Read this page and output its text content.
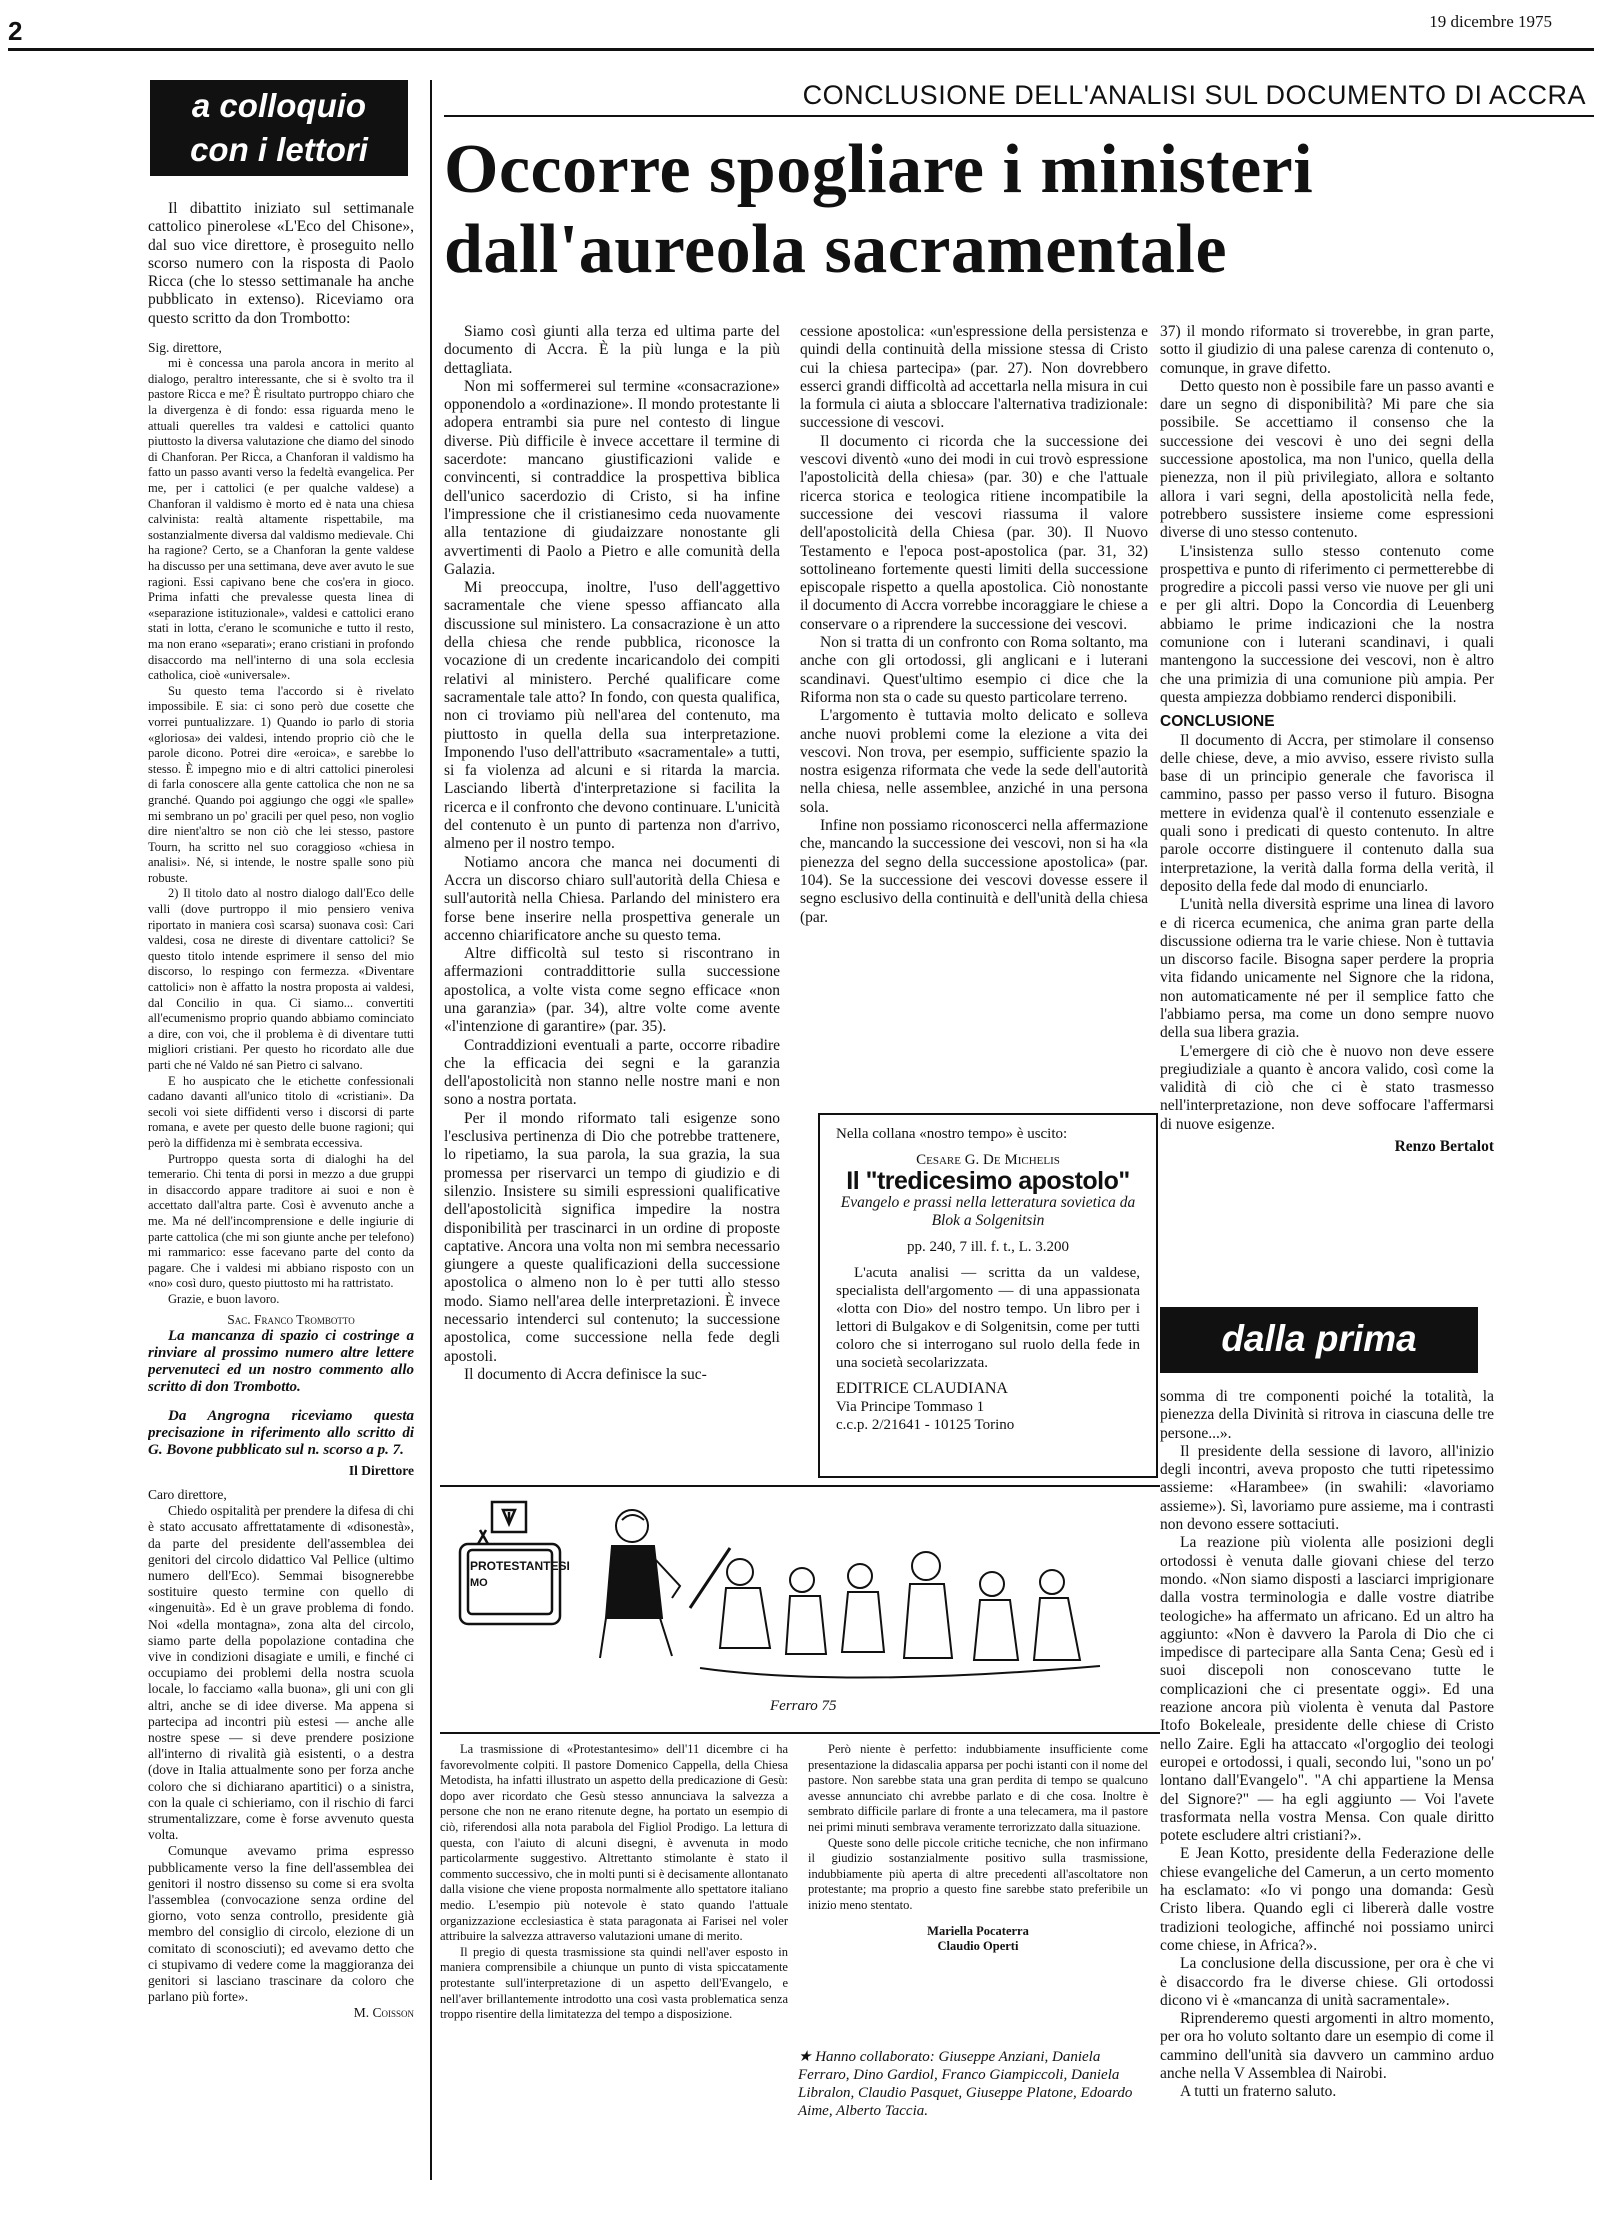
2	19 dicembre 1975
a colloquio
con i lettori

Il dibattito iniziato sul settimanale cattolico pinerolese «L'Eco del Chisone», dal suo vice direttore, è proseguito nello scorso numero con la risposta di Paolo Ricca (che lo stesso settimanale ha anche pubblicato in extenso). Riceviamo ora questo scritto da don Trombotto:

Sig. direttore,

mi è concessa una parola ancora in merito al dialogo, peraltro interessante, che si è svolto tra il pastore Ricca e me? È risultato purtroppo chiaro che la divergenza è di fondo: essa riguarda meno le attuali querelles tra valdesi e cattolici quanto piuttosto la diversa valutazione che diamo del sinodo di Chanforan. Per Ricca, a Chanforan il valdismo ha fatto un passo avanti verso la fedeltà evangelica. Per me, per i cattolici (e per qualche valdese) a Chanforan il valdismo è morto ed è nata una chiesa calvinista: realtà altamente rispettabile, ma sostanzialmente diversa dal valdismo medievale. Chi ha ragione? Certo, se a Chanforan la gente valdese ha discusso per una settimana, deve aver avuto le sue ragioni. Essi capivano bene che cos'era in gioco. Prima infatti che prevalesse questa linea di «separazione istituzionale», valdesi e cattolici erano stati in lotta, c'erano le scomuniche e tutto il resto, ma non erano «separati»; erano cristiani in profondo disaccordo ma nell'interno di una sola ecclesia catholica, cioè «universale».

Su questo tema l'accordo si è rivelato impossibile. E sia: ci sono però due cosette che vorrei puntualizzare. 1) Quando io parlo di storia «gloriosa» dei valdesi, intendo proprio ciò che le parole dicono. Potrei dire «eroica», e sarebbe lo stesso. È impegno mio e di altri cattolici pinerolesi di farla conoscere alla gente cattolica che non ne sa granché. Quando poi aggiungo che oggi «le spalle» mi sembrano un po' gracili per quel peso, non voglio dire nient'altro se non ciò che lei stesso, pastore Tourn, ha scritto nel suo coraggioso «chiesa in analisi». Né, si intende, le nostre spalle sono più robuste.

2) Il titolo dato al nostro dialogo dall'Eco delle valli (dove purtroppo il mio pensiero veniva riportato in maniera così scarsa) suonava così: Cari valdesi, cosa ne direste di diventare cattolici? Se questo titolo intende esprimere il senso del mio discorso, lo respingo con fermezza. «Diventare cattolici» non è affatto la nostra proposta ai valdesi, dal Concilio in qua. Ci siamo... convertiti all'ecumenismo proprio quando abbiamo cominciato a dire, con voi, che il problema è di diventare tutti migliori cristiani. Per questo ho ricordato alle due parti che né Valdo né san Pietro ci salvano.

E ho auspicato che le etichette confessionali cadano davanti all'unico titolo di «cristiani». Da secoli voi siete diffidenti verso i discorsi di parte romana, e avete per questo delle buone ragioni; qui però la diffidenza mi è sembrata eccessiva.

Purtroppo questa sorta di dialoghi ha del temerario. Chi tenta di porsi in mezzo a due gruppi in disaccordo appare traditore ai suoi e non è accettato dall'altra parte. Così è avvenuto anche a me. Ma né dell'incomprensione e delle ingiurie di parte cattolica (che mi son giunte anche per telefono) mi rammarico: esse facevano parte del conto da pagare. Che i valdesi mi abbiano risposto con un «no» così duro, questo piuttosto mi ha rattristato.

Grazie, e buon lavoro.

Sac. Franco Trombotto

La mancanza di spazio ci costringe a rinviare al prossimo numero altre lettere pervenuteci ed un nostro commento allo scritto di don Trombotto.

Da Angrogna riceviamo questa precisazione in riferimento allo scritto di G. Bovone pubblicato sul n. scorso a p. 7.

Il Direttore

Caro direttore,

Chiedo ospitalità per prendere la difesa di chi è stato accusato affrettatamente di «disonestà», da parte del presidente dell'assemblea dei genitori del circolo didattico Val Pellice (ultimo numero dell'Eco). Semmai bisognerebbe sostituire questo termine con quello di «ingenuità». Ed è un grave problema di fondo. Noi «della montagna», zona alta del circolo, siamo parte della popolazione contadina che vive in condizioni disagiate e umili, e finché ci occupiamo dei problemi della nostra scuola locale, lo facciamo «alla buona», gli uni con gli altri, anche se di idee diverse. Ma appena si partecipa ad incontri più estesi — anche alle nostre spese — si deve prendere posizione all'interno di rivalità già esistenti, o a destra (dove in Italia attualmente sono per forza anche coloro che si dichiarano apartitici) o a sinistra, con la quale ci schieriamo, con il rischio di farci strumentalizzare, come è forse avvenuto questa volta.

Comunque avevamo prima espresso pubblicamente verso la fine dell'assemblea dei genitori il nostro dissenso su come si era svolta l'assemblea (convocazione senza ordine del giorno, voto senza controllo, presidente già membro del consiglio di circolo, elezione di un comitato di sconosciuti); ed avevamo detto che ci stupivamo di vedere come la maggioranza dei genitori si lasciano trascinare da coloro che parlano più forte».

M. Coisson

CONCLUSIONE DELL'ANALISI SUL DOCUMENTO DI ACCRA
Occorre spogliare i ministeri
dall'aureola sacramentale

Siamo così giunti alla terza ed ultima parte del documento di Accra. È la più lunga e la più dettagliata.

Non mi soffermerei sul termine «consacrazione» opponendolo a «ordinazione». Il mondo protestante li adopera entrambi sia pure nel contesto di lingue diverse. Più difficile è invece accettare il termine di sacerdote: mancano giustificazioni valide e convincenti, si contraddice la prospettiva biblica dell'unico sacerdozio di Cristo, si ha infine l'impressione che il cristianesimo ceda nuovamente alla tentazione di giudaizzare nonostante gli avvertimenti di Paolo a Pietro e alle comunità della Galazia.

Mi preoccupa, inoltre, l'uso dell'aggettivo sacramentale che viene spesso affiancato alla discussione sul ministero. La consacrazione è un atto della chiesa che rende pubblica, riconosce la vocazione di un credente incaricandolo dei compiti relativi al ministero. Perché qualificare come sacramentale tale atto? In fondo, con questa qualifica, non ci troviamo più nell'area del contenuto, ma piuttosto in quella della sua interpretazione. Imponendo l'uso dell'attributo «sacramentale» a tutti, si fa violenza ad alcuni e si ritarda la marcia. Lasciando libertà d'interpretazione si facilita la ricerca e il confronto che devono continuare. L'unicità del contenuto è un punto di partenza non d'arrivo, almeno per il nostro tempo.

Notiamo ancora che manca nei documenti di Accra un discorso chiaro sull'autorità della Chiesa e sull'autorità nella Chiesa. Parlando del ministero era forse bene inserire nella prospettiva generale un accenno chiarificatore anche su questo tema.

Altre difficoltà sul testo si riscontrano in affermazioni contraddittorie sulla successione apostolica, a volte vista come segno efficace «non una garanzia» (par. 34), altre volte come avente «l'intenzione di garantire» (par. 35).

Contraddizioni eventuali a parte, occorre ribadire che la efficacia dei segni e la garanzia dell'apostolicità non stanno nelle nostre mani e non sono a nostra portata.

Per il mondo riformato tali esigenze sono l'esclusiva pertinenza di Dio che potrebbe trattenere, lo ripetiamo, la sua parola, la sua grazia, la sua promessa per riservarci un tempo di giudizio e di silenzio. Insistere su simili espressioni qualificative dell'apostolicità significa impedire la nostra disponibilità per trascinarci in un ordine di proposte captative. Ancora una volta non mi sembra necessario giungere a queste qualificazioni della successione apostolica o almeno non lo è per tutti allo stesso modo. Siamo nell'area delle interpretazioni. È invece necessario intenderci sul contenuto; la successione apostolica, come successione nella fede degli apostoli.

Il documento di Accra definisce la suc-

cessione apostolica: «un'espressione della persistenza e quindi della continuità della missione stessa di Cristo cui la chiesa partecipa» (par. 27). Non dovrebbero esserci grandi difficoltà ad accettarla nella misura in cui la formula ci aiuta a sbloccare l'alternativa tradizionale: successione di vescovi.

Il documento ci ricorda che la successione dei vescovi diventò «uno dei modi in cui trovò espressione l'apostolicità della chiesa» (par. 30) e che l'attuale ricerca storica e teologica ritiene incompatibile la successione dei vescovi riassuma il valore dell'apostolicità della Chiesa (par. 30). Il Nuovo Testamento e l'epoca post-apostolica (par. 31, 32) sottolineano fortemente questi limiti della successione episcopale rispetto a quella apostolica. Ciò nonostante il documento di Accra vorrebbe incoraggiare le chiese a conservare o a riprendere la successione dei vescovi.

Non si tratta di un confronto con Roma soltanto, ma anche con gli ortodossi, gli anglicani e i luterani scandinavi. Quest'ultimo esempio ci dice che la Riforma non sta o cade su questo particolare terreno.

L'argomento è tuttavia molto delicato e solleva anche nuovi problemi come la elezione a vita dei vescovi. Non trova, per esempio, sufficiente spazio la nostra esigenza riformata che vede la sede dell'autorità nella chiesa, nelle assemblee, anziché in una persona sola.

Infine non possiamo riconoscerci nella affermazione che, mancando la successione dei vescovi, non si ha «la pienezza del segno della successione apostolica» (par. 104). Se la successione dei vescovi dovesse essere il segno esclusivo della continuità e dell'unità della chiesa (par.

37) il mondo riformato si troverebbe, in gran parte, sotto il giudizio di una palese carenza di contenuto o, comunque, in grave difetto.

Detto questo non è possibile fare un passo avanti e dare un segno di disponibilità? Mi pare che sia possibile. Se accettiamo il consenso che la successione dei vescovi è uno dei segni della successione apostolica, ma non l'unico, quella della pienezza, non il più privilegiato, allora e soltanto allora i vari segni, della apostolicità nella fede, potrebbero sussistere insieme come espressioni diverse di uno stesso contenuto.

L'insistenza sullo stesso contenuto come prospettiva e punto di riferimento ci permetterebbe di progredire a piccoli passi verso vie nuove per gli uni e per gli altri. Dopo la Concordia di Leuenberg abbiamo le prime indicazioni che la nostra comunione con i luterani scandinavi, i quali mantengono la successione dei vescovi, non è altro che una primizia di una comunione più ampia. Per questa ampiezza dobbiamo renderci disponibili.

CONCLUSIONE

Il documento di Accra, per stimolare il consenso delle chiese, deve, a mio avviso, essere rivisto sulla base di un principio generale che favorisca il cammino, passo per passo verso il futuro. Bisogna mettere in evidenza qual'è il contenuto essenziale e quali sono i predicati di questo contenuto. In altre parole occorre distinguere il contenuto dalla sua interpretazione, la verità dalla forma della verità, il deposito della fede dal modo di enunciarlo.

L'unità nella diversità esprime una linea di lavoro e di ricerca ecumenica, che anima gran parte della discussione odierna tra le varie chiese. Non è tuttavia un discorso facile. Bisogna saper perdere la propria vita fidando unicamente nel Signore che la ridona, non automaticamente né per il semplice fatto che l'abbiamo persa, ma come un dono sempre nuovo della sua libera grazia.

L'emergere di ciò che è nuovo non deve essere pregiudiziale a quanto è ancora valido, così come la validità di ciò che ci è stato trasmesso nell'interpretazione, non deve soffocare l'affermarsi di nuove esigenze.

Renzo Bertalot

Nella collana «nostro tempo» è uscito:
Cesare G. De Michelis
Il "tredicesimo apostolo"
Evangelo e prassi nella letteratura sovietica da Blok a Solgenitsin
pp. 240, 7 ill. f. t., L. 3.200
L'acuta analisi — scritta da un valdese, specialista dell'argomento — di una appassionata «lotta con Dio» del nostro tempo. Un libro per i lettori di Bulgakov e di Solgenitsin, come per tutti coloro che si interrogano sul ruolo della fede in una società secolarizzata.
EDITRICE CLAUDIANA
Via Principe Tommaso 1
c.c.p. 2/21641 - 10125 Torino
PROTESTANTESI
MO
Ferraro 75

La trasmissione di «Protestantesimo» dell'11 dicembre ci ha favorevolmente colpiti. Il pastore Domenico Cappella, della Chiesa Metodista, ha infatti illustrato un aspetto della predicazione di Gesù: dopo aver ricordato che Gesù stesso annunciava la salvezza a persone che non ne erano ritenute degne, ha portato un esempio di ciò, riferendosi alla nota parabola del Figliol Prodigo. La lettura di questa, con l'aiuto di alcuni disegni, è avvenuta in modo particolarmente suggestivo. Altrettanto stimolante è stato il commento successivo, che in molti punti si è decisamente allontanato dalla visione che viene proposta normalmente allo spettatore italiano medio. L'esempio più notevole è stato quando l'attuale organizzazione ecclesiastica è stata paragonata ai Farisei nel voler attribuire la salvezza attraverso valutazioni umane di merito.

Il pregio di questa trasmissione sta quindi nell'aver esposto in maniera comprensibile a chiunque un punto di vista spiccatamente protestante sull'interpretazione di un aspetto dell'Evangelo, e nell'aver brillantemente introdotto una così vasta problematica senza troppo risentire della limitatezza del tempo a disposizione.

Però niente è perfetto: indubbiamente insufficiente come presentazione la didascalia apparsa per pochi istanti con il nome del pastore. Non sarebbe stata una gran perdita di tempo se qualcuno avesse annunciato chi avrebbe parlato e di che cosa. Inoltre è sembrato difficile parlare di fronte a una telecamera, ma il pastore nei primi minuti sembrava veramente terrorizzato dalla situazione.

Queste sono delle piccole critiche tecniche, che non infirmano il giudizio sostanzialmente positivo sulla trasmissione, indubbiamente più aperta di altre precedenti all'ascoltatore non protestante; ma proprio a questo fine sarebbe stato preferibile un inizio meno stentato.

Mariella Pocaterra

Claudio Operti

★ Hanno collaborato: Giuseppe Anziani, Daniela Ferraro, Dino Gardiol, Franco Giampiccoli, Daniela Libralon, Claudio Pasquet, Giuseppe Platone, Edoardo Aime, Alberto Taccia.
dalla prima

somma di tre componenti poiché la totalità, la pienezza della Divinità si ritrova in ciascuna delle tre persone...».

Il presidente della sessione di lavoro, all'inizio degli incontri, aveva proposto che tutti ripetessimo assieme: «Harambee» (in swahili: «lavoriamo assieme»). Sì, lavoriamo pure assieme, ma i contrasti non devono essere sottaciuti.

La reazione più violenta alle posizioni degli ortodossi è venuta dalle giovani chiese del terzo mondo. «Non siamo disposti a lasciarci imprigionare dalla vostra terminologia e dalle vostre diatribe teologiche» ha affermato un africano. Ed un altro ha aggiunto: «Non è davvero la Parola di Dio che ci impedisce di partecipare alla Santa Cena; Gesù ed i suoi discepoli non conoscevano tutte le complicazioni che ci presentate oggi». Ed una reazione ancora più violenta è venuta dal Pastore Itofo Bokeleale, presidente delle chiese di Cristo nello Zaire. Egli ha attaccato «l'orgoglio dei teologi europei e ortodossi, i quali, secondo lui, "sono un po' lontano dall'Evangelo". "A chi appartiene la Mensa del Signore?" — ha egli aggiunto — Voi l'avete trasformata nella vostra Mensa. Con quale diritto potete escludere altri cristiani?».

E Jean Kotto, presidente della Federazione delle chiese evangeliche del Camerun, a un certo momento ha esclamato: «Io vi pongo una domanda: Gesù Cristo libera. Quando egli ci libererà dalle vostre tradizioni teologiche, affinché noi possiamo unirci come chiese, in Africa?».

La conclusione della discussione, per ora è che vi è disaccordo fra le diverse chiese. Gli ortodossi dicono vi è «mancanza di unità sacramentale».

Riprenderemo questi argomenti in altro momento, per ora ho voluto soltanto dare un esempio di come il cammino dell'unità sia davvero un cammino arduo anche nella V Assemblea di Nairobi.

A tutti un fraterno saluto.
